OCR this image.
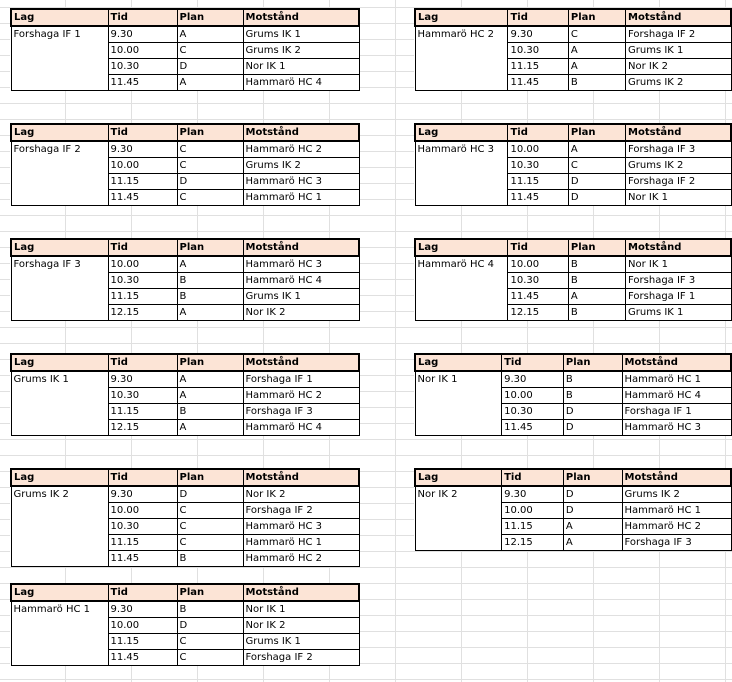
Lag	Tid	Plan	Motstånd
Forshaga IF 1	9.30	A	Grums IK 1
	10.00	C	Grums IK 2
	10.30	D	Nor IK 1
	11.45	A	Hammarö HC 4
Lag	Tid	Plan	Motstånd
Forshaga IF 2	9.30	C	Hammarö HC 2
	10.00	C	Grums IK 2
	11.15	D	Hammarö HC 3
	11.45	C	Hammarö HC 1
Lag	Tid	Plan	Motstånd
Forshaga IF 3	10.00	A	Hammarö HC 3
	10.30	B	Hammarö HC 4
	11.15	B	Grums IK 1
	12.15	A	Nor IK 2
Lag	Tid	Plan	Motstånd
Grums IK 1	9.30	A	Forshaga IF 1
	10.30	A	Hammarö HC 2
	11.15	B	Forshaga IF 3
	12.15	A	Hammarö HC 4
Lag	Tid	Plan	Motstånd
Grums IK 2	9.30	D	Nor IK 2
	10.00	C	Forshaga IF 2
	10.30	C	Hammarö HC 3
	11.15	C	Hammarö HC 1
	11.45	B	Hammarö HC 2
Lag	Tid	Plan	Motstånd
Hammarö HC 1	9.30	B	Nor IK 1
	10.00	D	Nor IK 2
	11.15	C	Grums IK 1
	11.45	C	Forshaga IF 2
Lag	Tid	Plan	Motstånd
Hammarö HC 2	9.30	C	Forshaga IF 2
	10.30	A	Grums IK 1
	11.15	A	Nor IK 2
	11.45	B	Grums IK 2
Lag	Tid	Plan	Motstånd
Hammarö HC 3	10.00	A	Forshaga IF 3
	10.30	C	Grums IK 2
	11.15	D	Forshaga IF 2
	11.45	D	Nor IK 1
Lag	Tid	Plan	Motstånd
Hammarö HC 4	10.00	B	Nor IK 1
	10.30	B	Forshaga IF 3
	11.45	A	Forshaga IF 1
	12.15	B	Grums IK 1
Lag	Tid	Plan	Motstånd
Nor IK 1	9.30	B	Hammarö HC 1
	10.00	B	Hammarö HC 4
	10.30	D	Forshaga IF 1
	11.45	D	Hammarö HC 3
Lag	Tid	Plan	Motstånd
Nor IK 2	9.30	D	Grums IK 2
	10.00	D	Hammarö HC 1
	11.15	A	Hammarö HC 2
	12.15	A	Forshaga IF 3
